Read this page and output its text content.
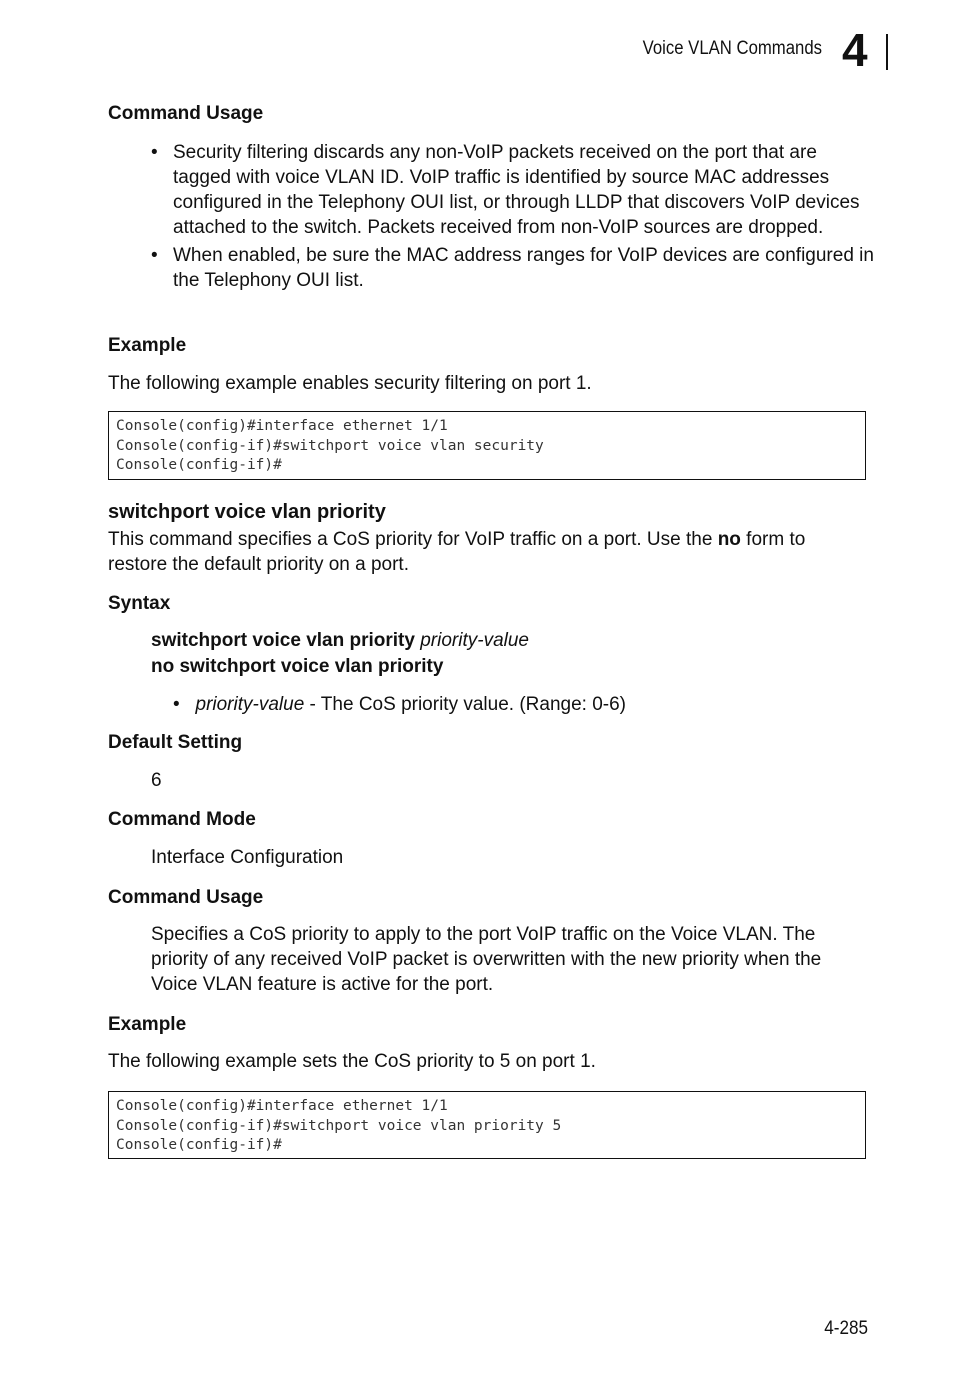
Voice VLAN Commands 4
Command Usage
• Security filtering discards any non-VoIP packets received on the port that are tagged with voice VLAN ID. VoIP traffic is identified by source MAC addresses configured in the Telephony OUI list, or through LLDP that discovers VoIP devices attached to the switch. Packets received from non-VoIP sources are dropped.
• When enabled, be sure the MAC address ranges for VoIP devices are configured in the Telephony OUI list.
Example
The following example enables security filtering on port 1.
Console(config)#interface ethernet 1/1
Console(config-if)#switchport voice vlan security
Console(config-if)#
switchport voice vlan priority
This command specifies a CoS priority for VoIP traffic on a port. Use the no form to restore the default priority on a port.
Syntax
switchport voice vlan priority priority-value
no switchport voice vlan priority
• priority-value - The CoS priority value. (Range: 0-6)
Default Setting
6
Command Mode
Interface Configuration
Command Usage
Specifies a CoS priority to apply to the port VoIP traffic on the Voice VLAN. The priority of any received VoIP packet is overwritten with the new priority when the Voice VLAN feature is active for the port.
Example
The following example sets the CoS priority to 5 on port 1.
Console(config)#interface ethernet 1/1
Console(config-if)#switchport voice vlan priority 5
Console(config-if)#
4-285
